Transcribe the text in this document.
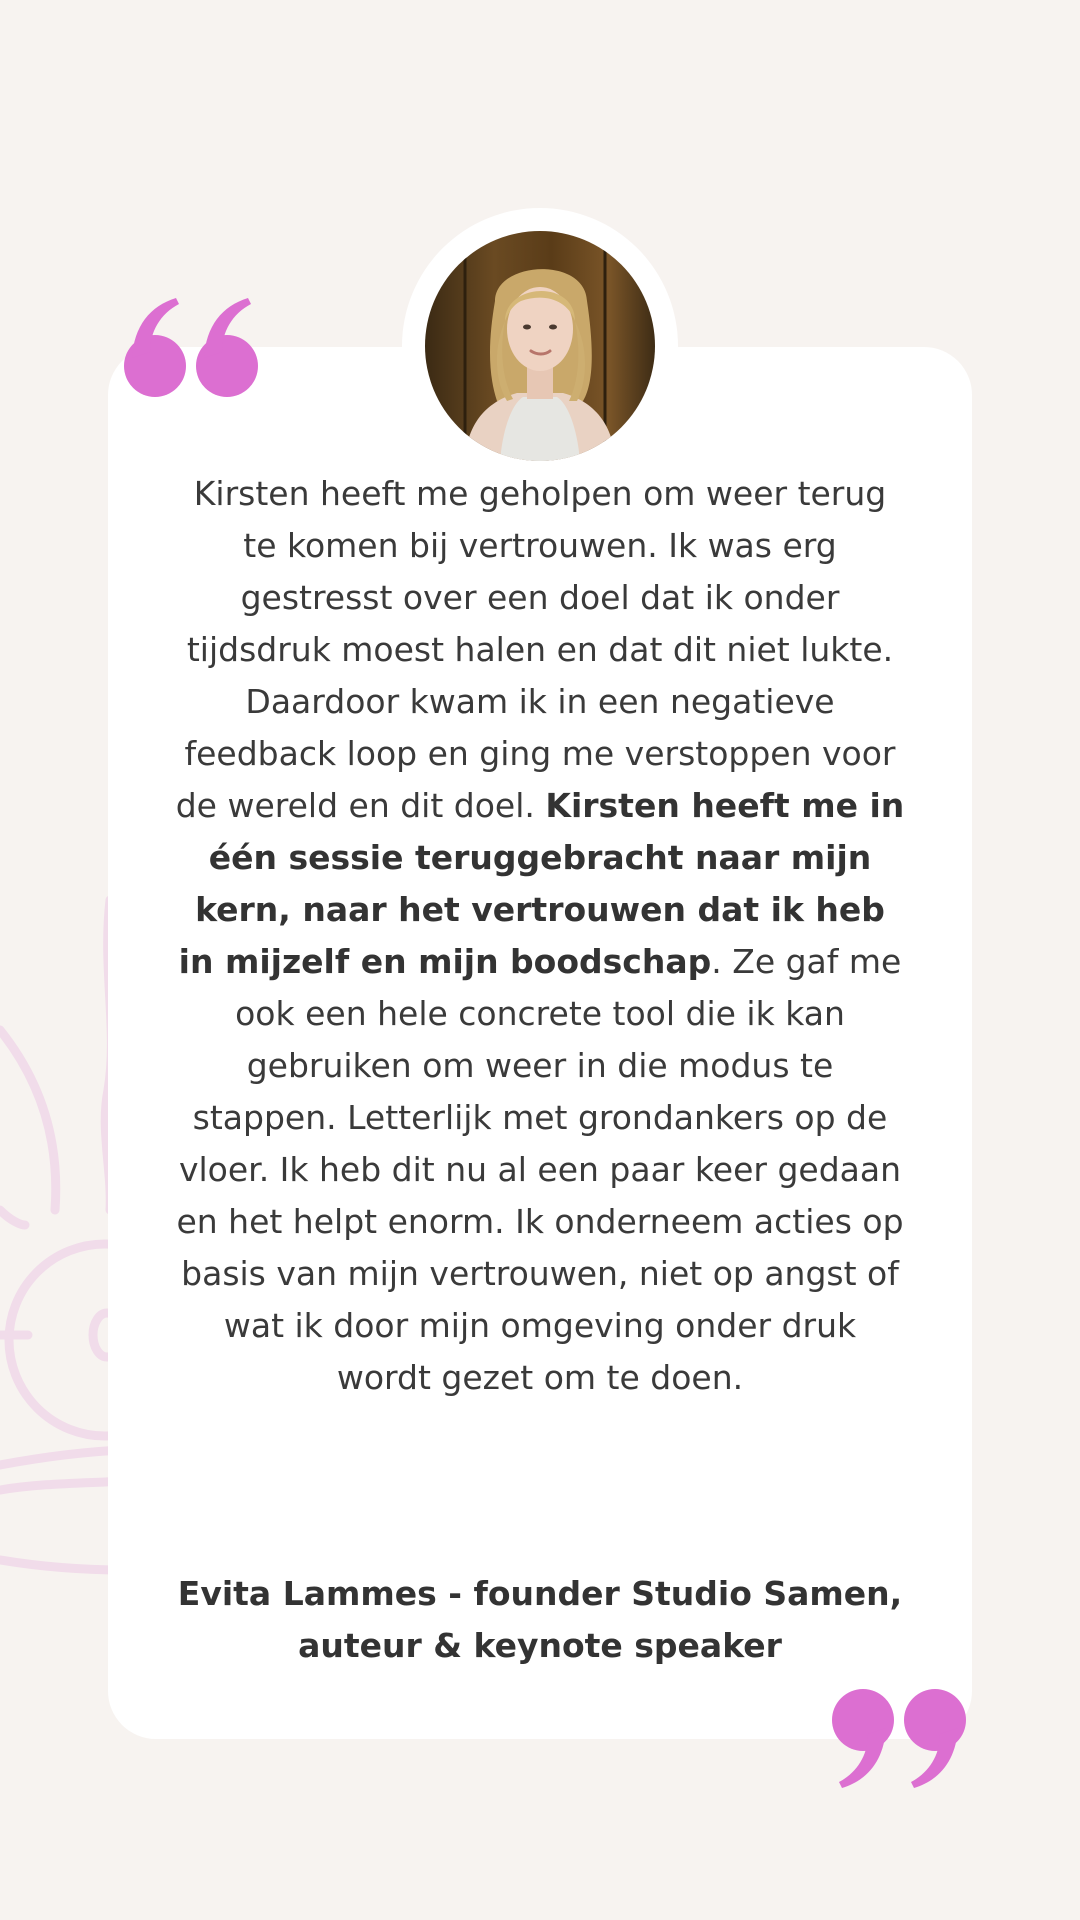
Kirsten heeft me geholpen om weer terug te komen bij vertrouwen. Ik was erg gestresst over een doel dat ik onder tijdsdruk moest halen en dat dit niet lukte. Daardoor kwam ik in een negatieve feedback loop en ging me verstoppen voor de wereld en dit doel. Kirsten heeft me in één sessie teruggebracht naar mijn kern, naar het vertrouwen dat ik heb in mijzelf en mijn boodschap. Ze gaf me ook een hele concrete tool die ik kan gebruiken om weer in die modus te stappen. Letterlijk met grondankers op de vloer. Ik heb dit nu al een paar keer gedaan en het helpt enorm. Ik onderneem acties op basis van mijn vertrouwen, niet op angst of wat ik door mijn omgeving onder druk wordt gezet om te doen.

Evita Lammes - founder Studio Samen, auteur & keynote speaker
